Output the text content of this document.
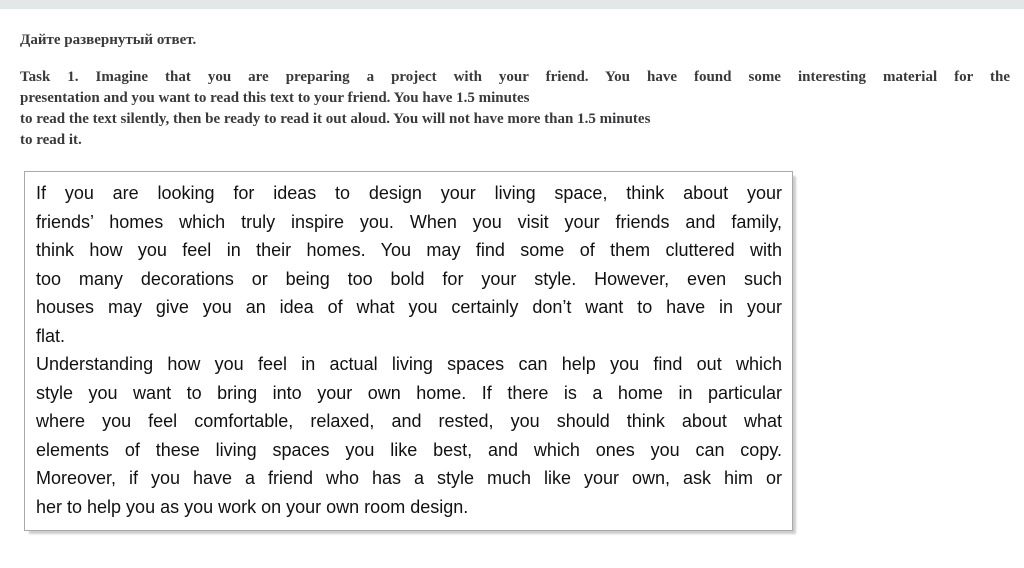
Дайте развернутый ответ.
Task 1. Imagine that you are preparing a project with your friend. You have found some interesting material for the
presentation and you want to read this text to your friend. You have 1.5 minutes
to read the text silently, then be ready to read it out aloud. You will not have more than 1.5 minutes
to read it.
If you are looking for ideas to design your living space, think about your
friends’ homes which truly inspire you. When you visit your friends and family,
think how you feel in their homes. You may find some of them cluttered with
too many decorations or being too bold for your style. However, even such
houses may give you an idea of what you certainly don’t want to have in your
flat.
Understanding how you feel in actual living spaces can help you find out which
style you want to bring into your own home. If there is a home in particular
where you feel comfortable, relaxed, and rested, you should think about what
elements of these living spaces you like best, and which ones you can copy.
Moreover, if you have a friend who has a style much like your own, ask him or
her to help you as you work on your own room design.
